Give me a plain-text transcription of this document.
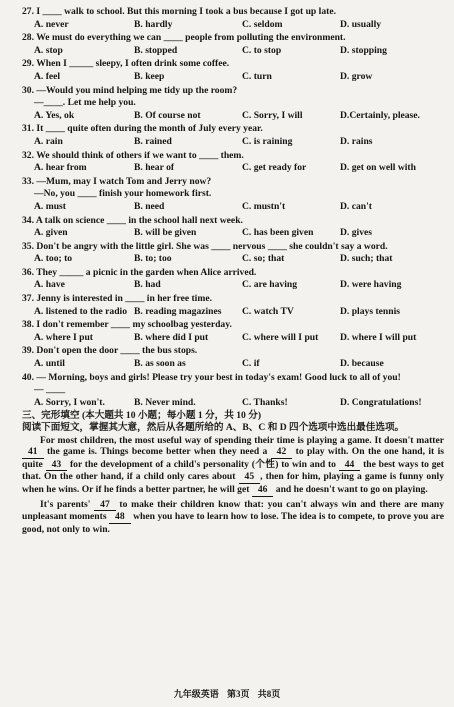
27. I ____ walk to school. But this morning I took a bus because I got up late.
A. never	B. hardly	C. seldom	D. usually
28. We must do everything we can ____ people from polluting the environment.
A. stop	B. stopped	C. to stop	D. stopping
29. When I _____ sleepy, I often drink some coffee.
A. feel	B. keep	C. turn	D. grow
30. —Would you mind helping me tidy up the room?
—____. Let me help you.
A. Yes, ok	B. Of course not	C. Sorry, I will	D.Certainly, please.
31. It ____ quite often during the month of July every year.
A. rain	B. rained	C. is raining	D. rains
32. We should think of others if we want to ____ them.
A. hear from	B. hear of	C. get ready for	D. get on well with
33. —Mum, may I watch Tom and Jerry now?
—No, you ____ finish your homework first.
A. must	B. need	C. mustn't	D. can't
34. A talk on science ____ in the school hall next week.
A. given	B. will be given	C. has been given	D. gives
35. Don't be angry with the little girl. She was ____ nervous ____ she couldn't say a word.
A. too; to	B. to; too	C. so; that	D. such; that
36. They _____ a picnic in the garden when Alice arrived.
A. have	B. had	C. are having	D. were having
37. Jenny is interested in ____ in her free time.
A. listened to the radio B. reading magazines	C. watch TV	D. plays tennis
38. I don't remember ____ my schoolbag yesterday.
A. where I put	B. where did I put	C. where will I put	D. where I will put
39. Don't open the door ____ the bus stops.
A. until	B. as soon as	C. if	D. because
40. — Morning, boys and girls! Please try your best in today's exam! Good luck to all of you!
— ____
A. Sorry, I won't.	B. Never mind.	C. Thanks!	D. Congratulations!
三、完形填空 (本大题共 10 小题；每小题 1 分，共 10 分)
阅读下面短文，掌握其大意，然后从各题所给的 A、B、C 和 D 四个选项中选出最佳选项。

For most children, the most useful way of spending their time is playing a game. It doesn't matter 41 the game is. Things become better when they need a 42 to play with. On the one hand, it is quite 43 for the development of a child's personality (个性) to win and to 44 the best ways to get that. On the other hand, if a child only cares about 45 , then for him, playing a game is funny only when he wins. Or if he finds a better partner, he will get 46 and he doesn't want to go on playing.

It's parents' 47 to make their children know that: you can't always win and there are many unpleasant moments 48 when you have to learn how to lose. The idea is to compete, to prove you are good, not only to win.

九年级英语 第3页 共8页
